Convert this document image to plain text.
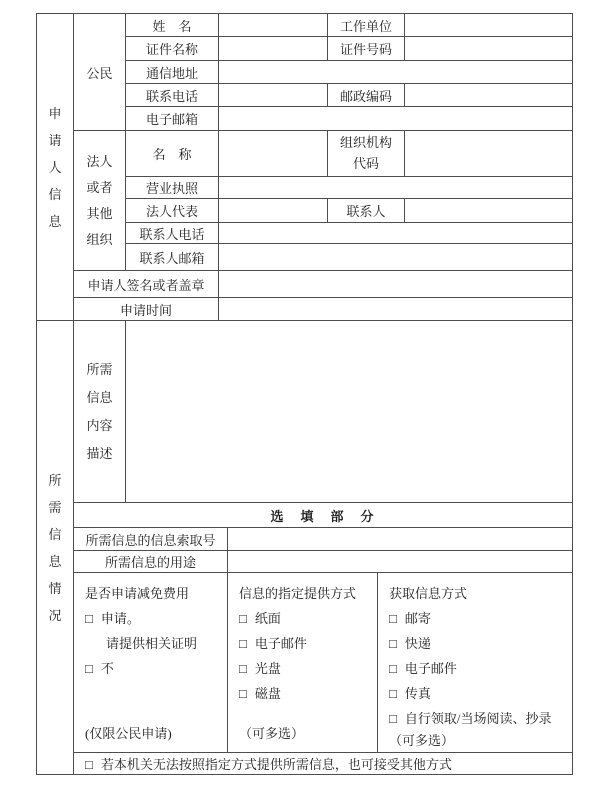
申请人信息	公民	姓　名		工作单位	
		证件名称		证件号码	
		通信地址			
		联系电话		邮政编码	
		电子邮箱			

	法人或者其他组织	名　称		组织机构代码	

		营业执照			
		法人代表		联系人	
		联系人电话			
		联系人邮箱			
	申请人签名或者盖章				
	申请时间				
所需信息情况	所需信息内容描述			

	选　填　部　分			
	所需信息的信息索取号			
	所需信息的用途			

是否申请减免费用
□ 申请。
请提供相关证明
□ 不
(仅限公民申请)

信息的指定提供方式
□ 纸面
□ 电子邮件
□ 光盘
□ 磁盘
（可多选）

获取信息方式
□ 邮寄
□ 快递
□ 电子邮件
□ 传真
□ 自行领取/当场阅读、抄录
（可多选）

	□ 若本机关无法按照指定方式提供所需信息，也可接受其他方式			
